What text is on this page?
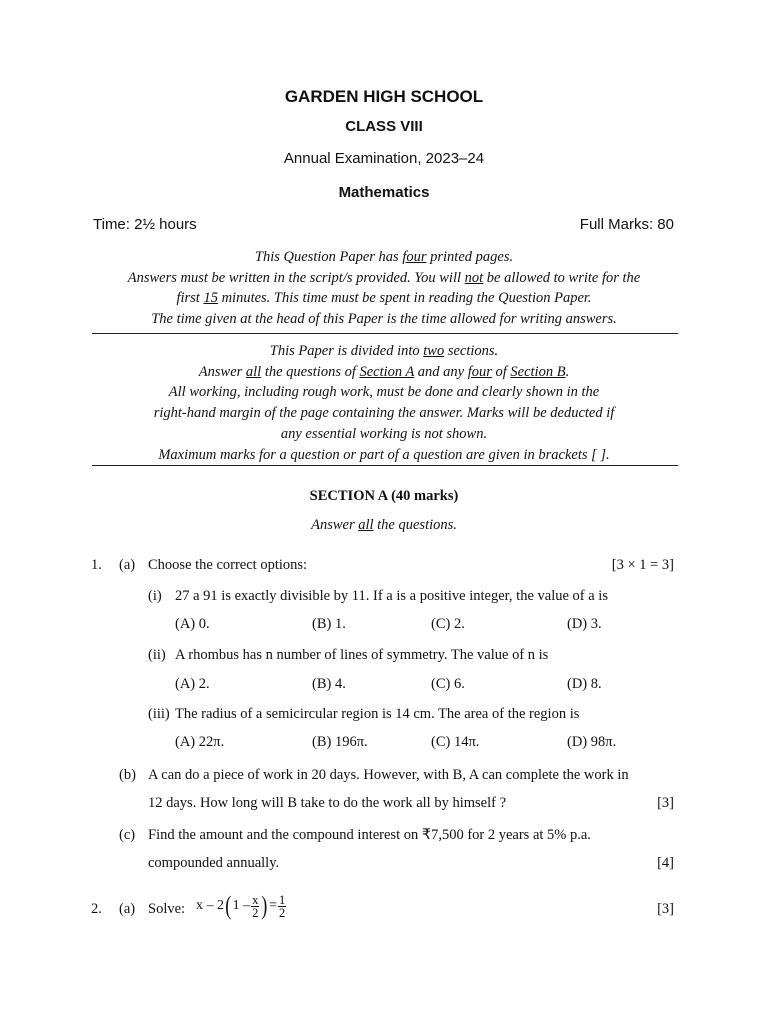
GARDEN HIGH SCHOOL
CLASS VIII
Annual Examination, 2023–24
Mathematics
Time: 2½ hours	Full Marks: 80
This Question Paper has four printed pages.
Answers must be written in the script/s provided. You will not be allowed to write for the
first 15 minutes. This time must be spent in reading the Question Paper.
The time given at the head of this Paper is the time allowed for writing answers.
This Paper is divided into two sections.
Answer all the questions of Section A and any four of Section B.
All working, including rough work, must be done and clearly shown in the
right-hand margin of the page containing the answer. Marks will be deducted if
any essential working is not shown.
Maximum marks for a question or part of a question are given in brackets [ ].
SECTION A (40 marks)
Answer all the questions.
1. (a) Choose the correct options:	[3 × 1 = 3]
(i) 27 a 91 is exactly divisible by 11. If a is a positive integer, the value of a is
(A) 0.	(B) 1.	(C) 2.	(D) 3.
(ii) A rhombus has n number of lines of symmetry. The value of n is
(A) 2.	(B) 4.	(C) 6.	(D) 8.
(iii) The radius of a semicircular region is 14 cm. The area of the region is
(A) 22π.	(B) 196π.	(C) 14π.	(D) 98π.
(b) A can do a piece of work in 20 days. However, with B, A can complete the work in
12 days. How long will B take to do the work all by himself ?	[3]
(c) Find the amount and the compound interest on ₹7,500 for 2 years at 5% p.a.
compounded annually.	[4]
2. (a) Solve: x – $2(1 - \frac{x}{2}$ )= $\frac{1}{2}$	[3]
